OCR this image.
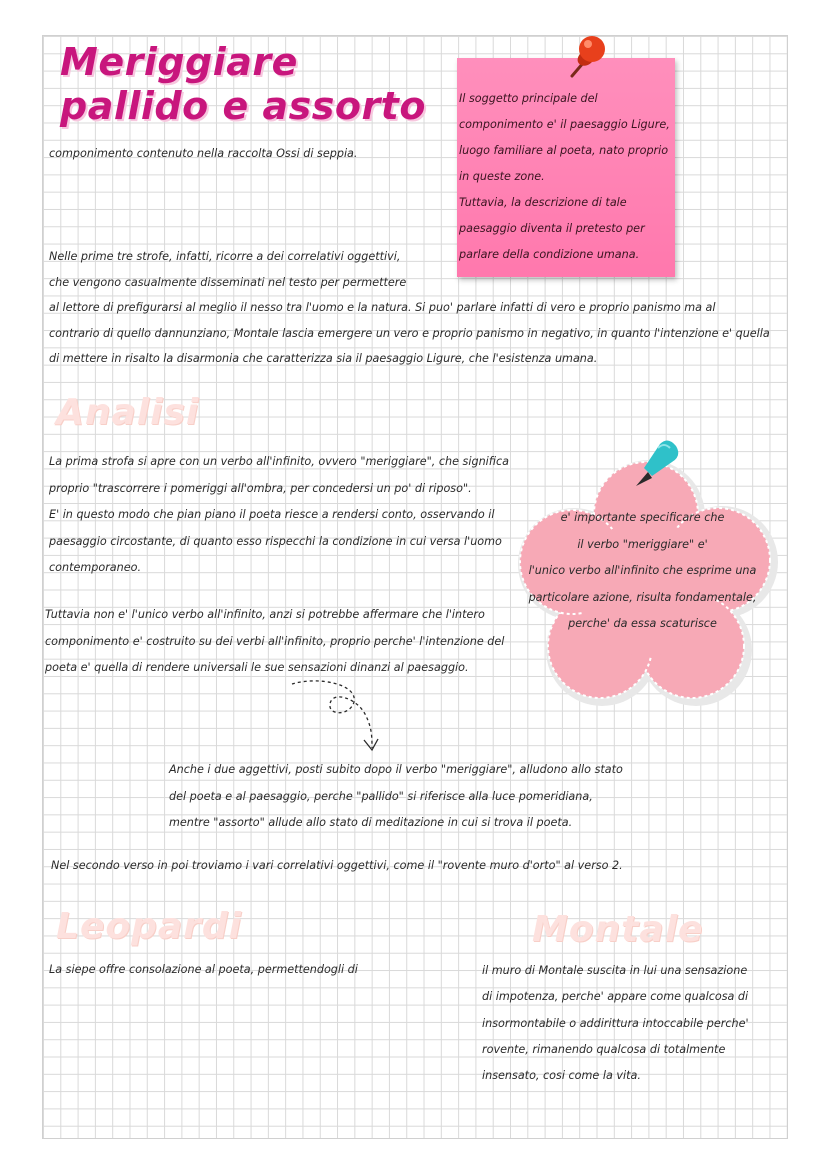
Meriggiare
pallido e assorto
componimento contenuto nella raccolta Ossi di seppia.
Il soggetto principale del
componimento e' il paesaggio Ligure,
luogo familiare al poeta, nato proprio
in queste zone.
Tuttavia, la descrizione di tale
paesaggio diventa il pretesto per
parlare della condizione umana.
Nelle prime tre strofe, infatti, ricorre a dei correlativi oggettivi,
che vengono casualmente disseminati nel testo per permettere
al lettore di prefigurarsi al meglio il nesso tra l'uomo e la natura. Si puo' parlare infatti di vero e proprio panismo ma al
contrario di quello dannunziano, Montale lascia emergere un vero e proprio panismo in negativo, in quanto l'intenzione e' quella
di mettere in risalto la disarmonia che caratterizza sia il paesaggio Ligure, che l'esistenza umana.
Analisi
La prima strofa si apre con un verbo all'infinito, ovvero "meriggiare", che significa
proprio "trascorrere i pomeriggi all'ombra, per concedersi un po' di riposo".
E' in questo modo che pian piano il poeta riesce a rendersi conto, osservando il
paesaggio circostante, di quanto esso rispecchi la condizione in cui versa l'uomo
contemporaneo.
Tuttavia non e' l'unico verbo all'infinito, anzi si potrebbe affermare che l'intero
componimento e' costruito su dei verbi all'infinito, proprio perche' l'intenzione del
poeta e' quella di rendere universali le sue sensazioni dinanzi al paesaggio.
e' importante specificare che
il verbo "meriggiare" e'
l'unico verbo all'infinito che esprime una
particolare azione, risulta fondamentale,
perche' da essa scaturisce
Anche i due aggettivi, posti subito dopo il verbo "meriggiare", alludono allo stato
del poeta e al paesaggio, perche "pallido" si riferisce alla luce pomeridiana,
mentre "assorto" allude allo stato di meditazione in cui si trova il poeta.
Nel secondo verso in poi troviamo i vari correlativi oggettivi, come il "rovente muro d'orto" al verso 2.
Leopardi
La siepe offre consolazione al poeta, permettendogli di
Montale
il muro di Montale suscita in lui una sensazione
di impotenza, perche' appare come qualcosa di
insormontabile o addirittura intoccabile perche'
rovente, rimanendo qualcosa di totalmente
insensato, cosi come la vita.
